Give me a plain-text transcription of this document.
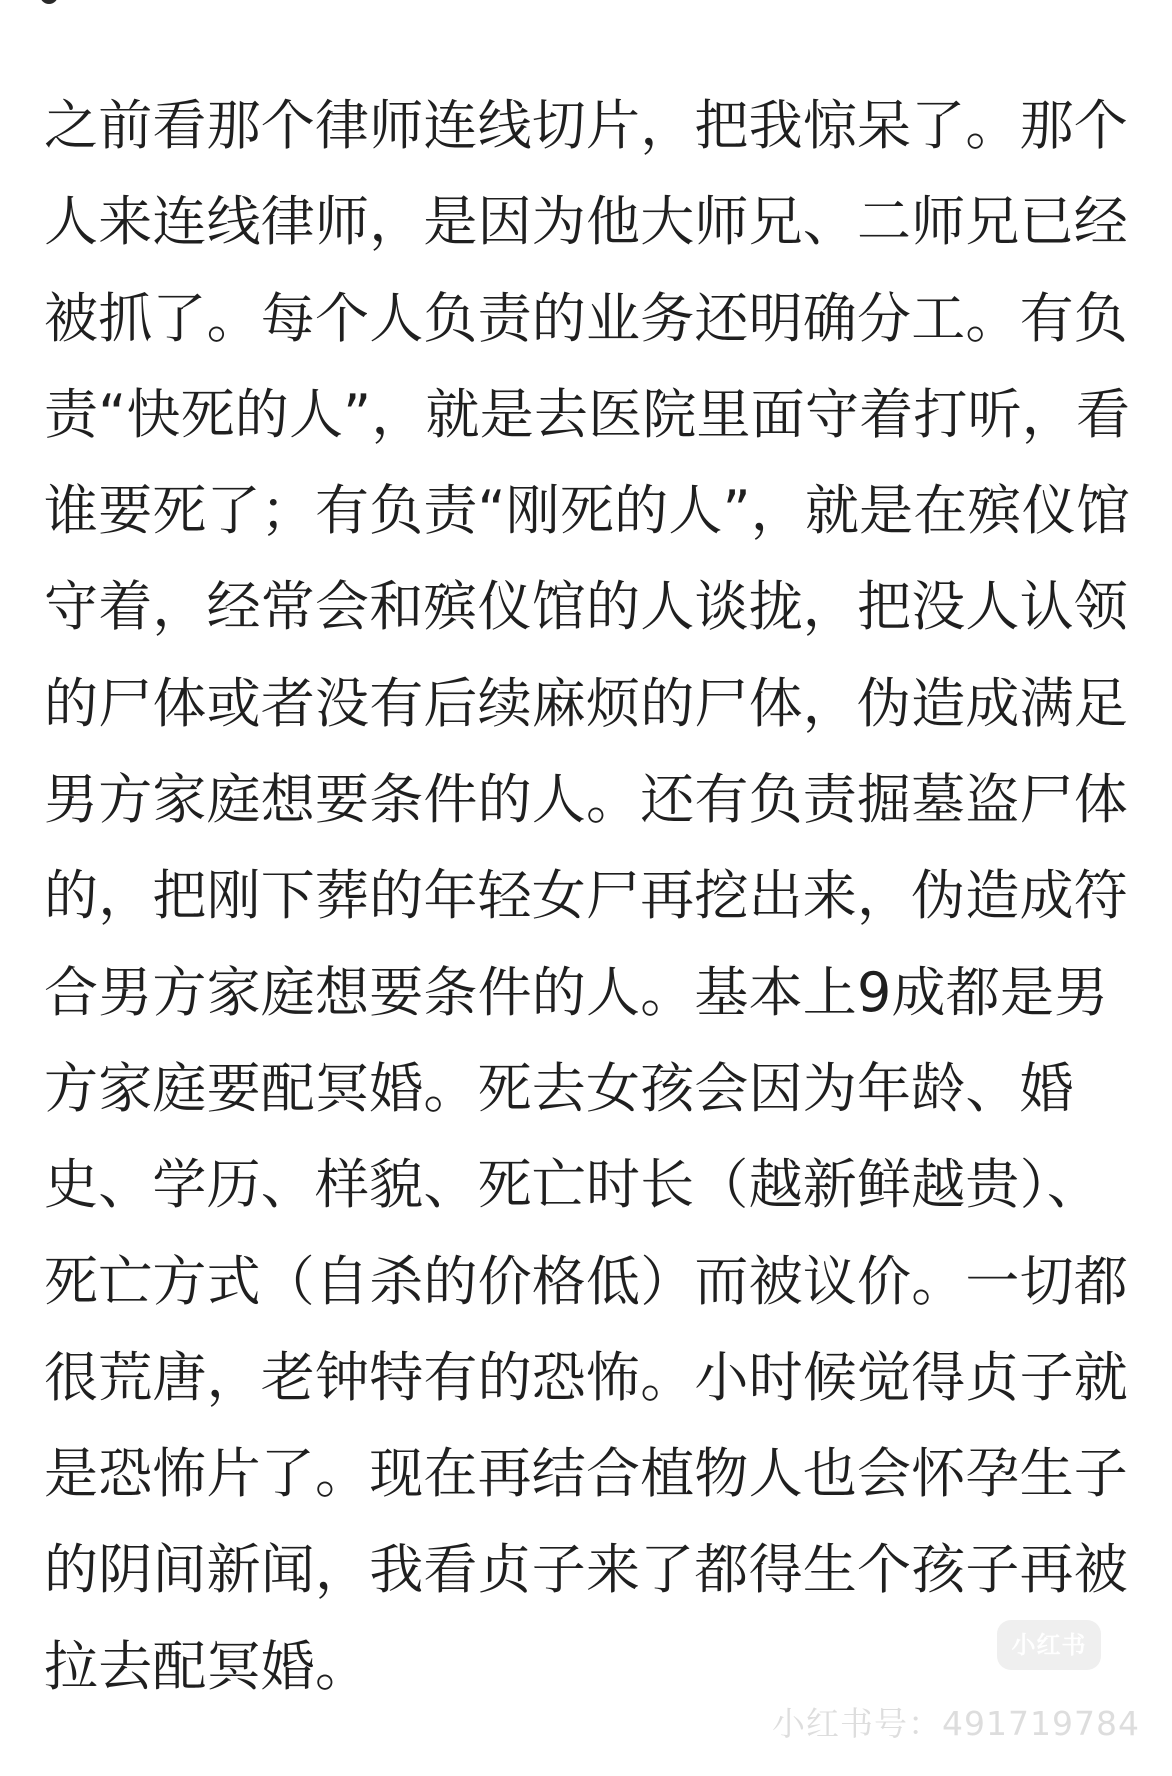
之前看那个律师连线切片，把我惊呆了。那个
人来连线律师，是因为他大师兄、二师兄已经
被抓了。每个人负责的业务还明确分工。有负
责“快死的人”，就是去医院里面守着打听，看
谁要死了；有负责“刚死的人”，就是在殡仪馆
守着，经常会和殡仪馆的人谈拢，把没人认领
的尸体或者没有后续麻烦的尸体，伪造成满足
男方家庭想要条件的人。还有负责掘墓盗尸体
的，把刚下葬的年轻女尸再挖出来，伪造成符
合男方家庭想要条件的人。基本上9成都是男
方家庭要配冥婚。死去女孩会因为年龄、婚
史、学历、样貌、死亡时长（越新鲜越贵）、
死亡方式（自杀的价格低）而被议价。一切都
很荒唐，老钟特有的恐怖。小时候觉得贞子就
是恐怖片了。现在再结合植物人也会怀孕生子
的阴间新闻，我看贞子来了都得生个孩子再被
拉去配冥婚。	小红书
小红书号：491719784
